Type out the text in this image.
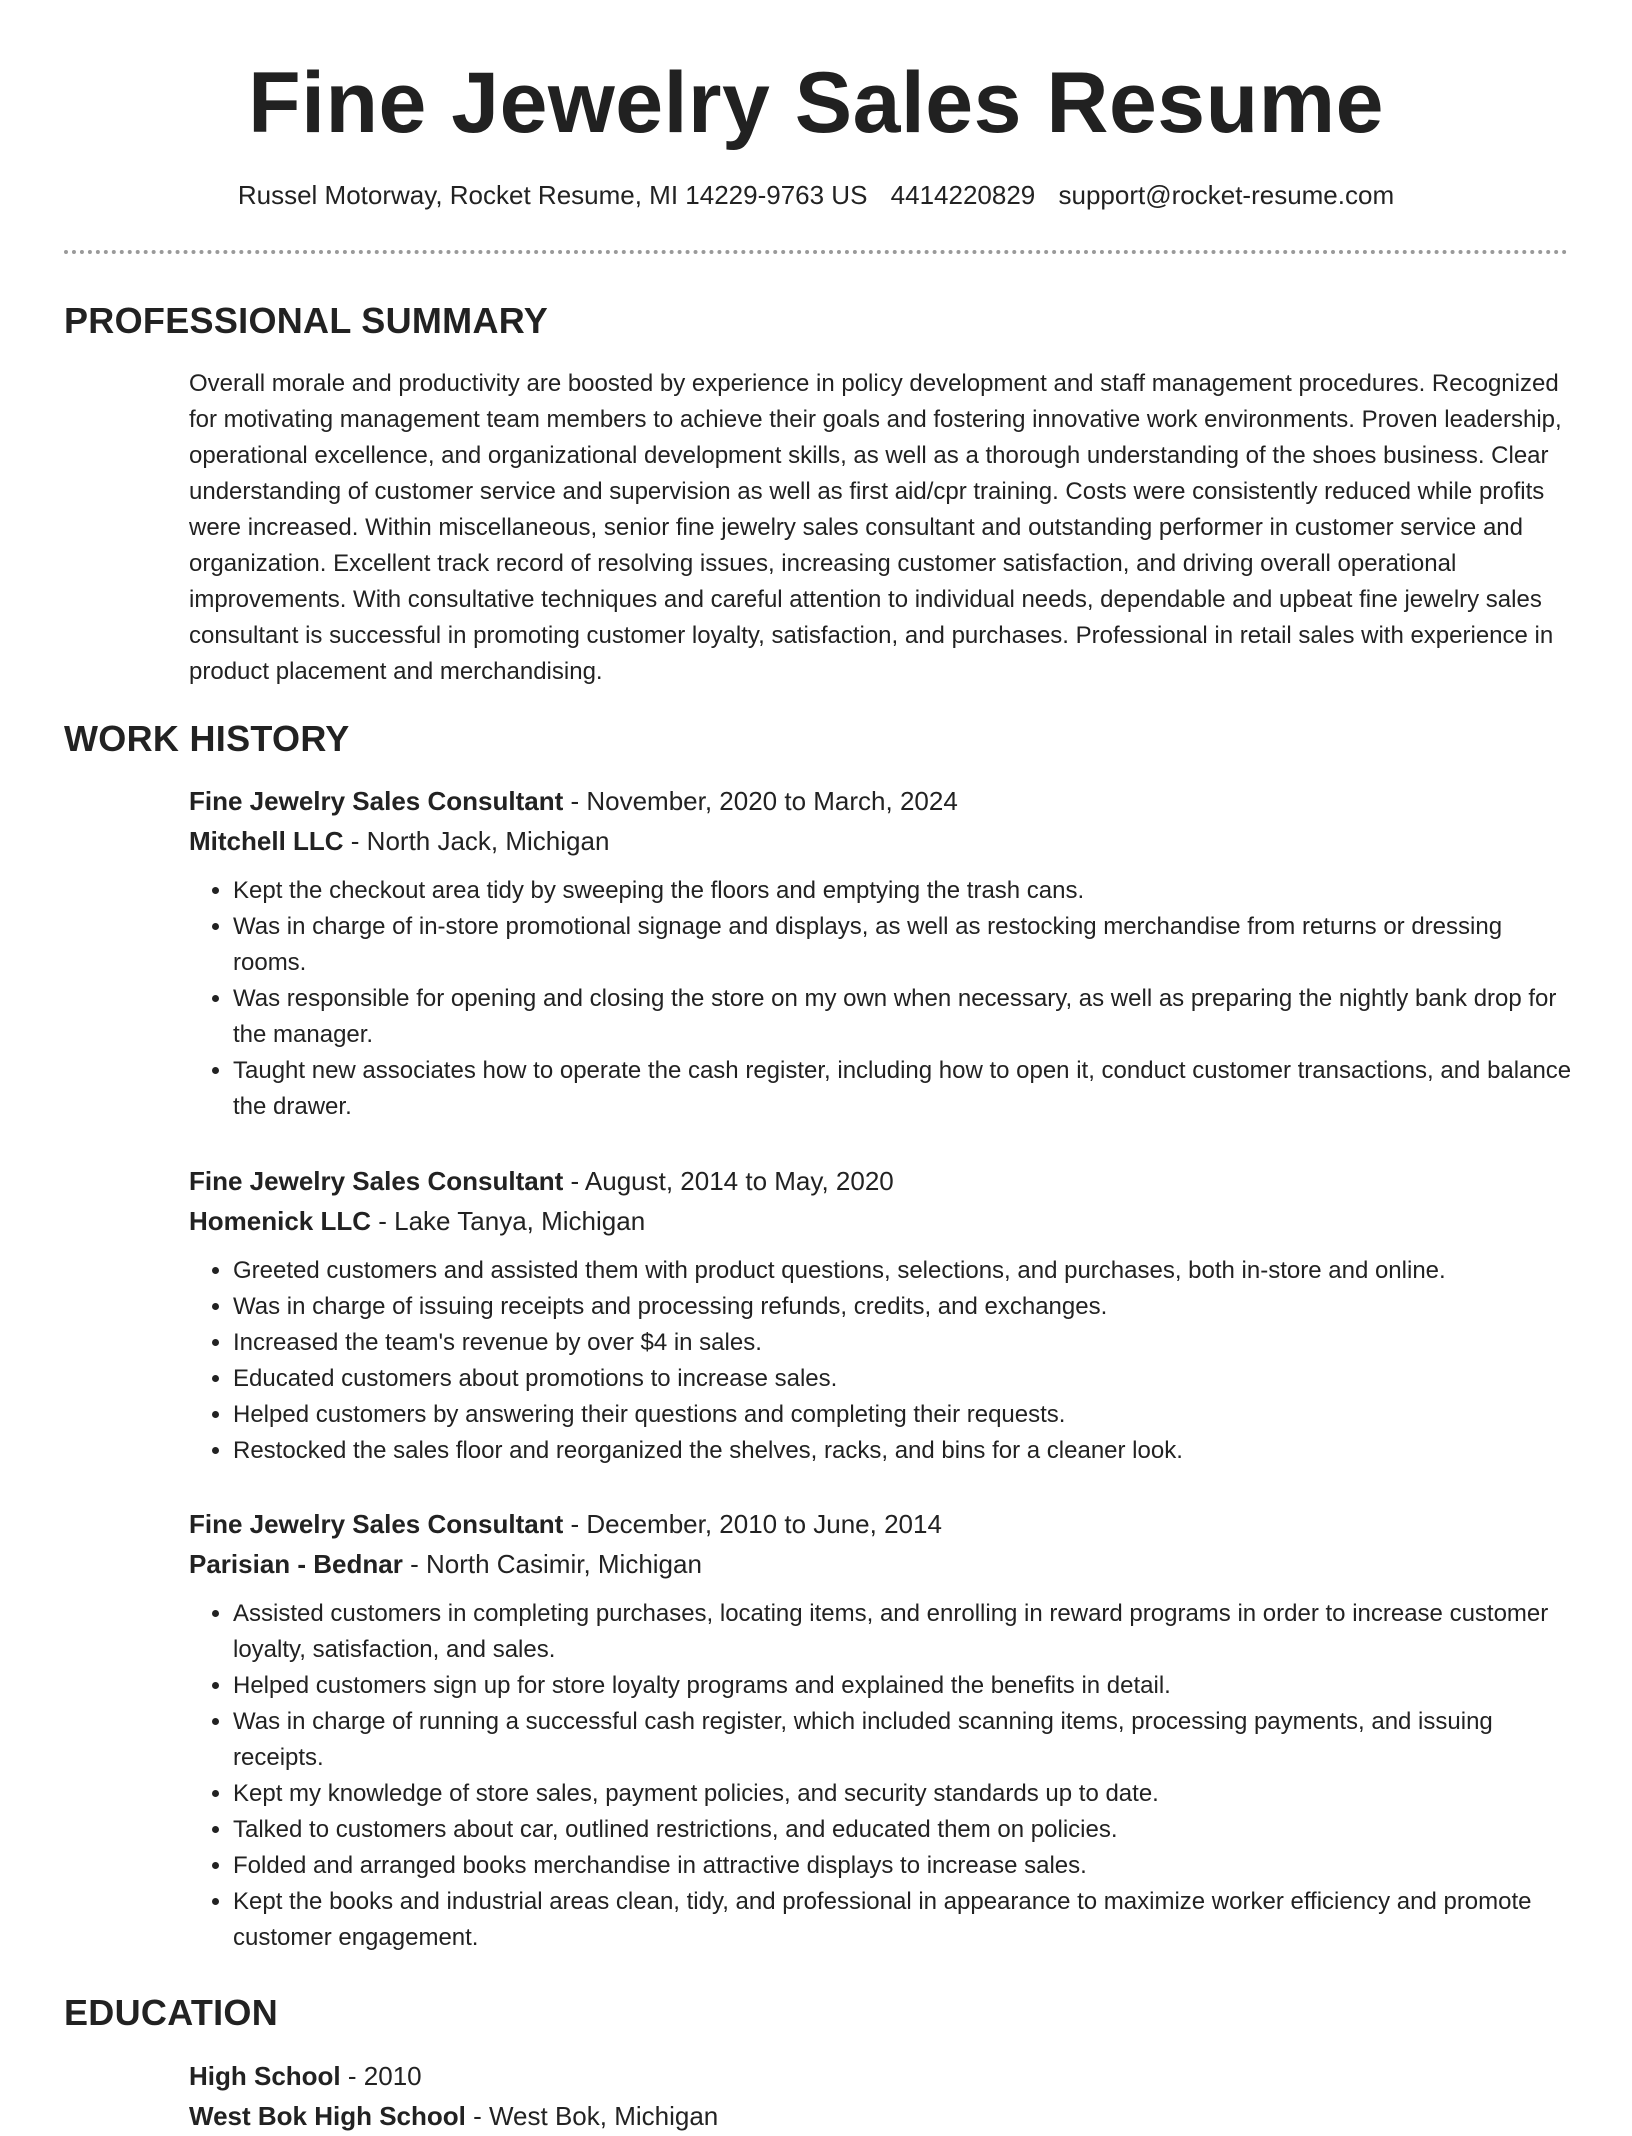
Fine Jewelry Sales Resume
Russel Motorway, Rocket Resume, MI 14229-9763 US 4414220829 support@rocket-resume.com
PROFESSIONAL SUMMARY
Overall morale and productivity are boosted by experience in policy development and staff management procedures. Recognized for motivating management team members to achieve their goals and fostering innovative work environments. Proven leadership, operational excellence, and organizational development skills, as well as a thorough understanding of the shoes business. Clear understanding of customer service and supervision as well as first aid/cpr training. Costs were consistently reduced while profits were increased. Within miscellaneous, senior fine jewelry sales consultant and outstanding performer in customer service and organization. Excellent track record of resolving issues, increasing customer satisfaction, and driving overall operational improvements. With consultative techniques and careful attention to individual needs, dependable and upbeat fine jewelry sales consultant is successful in promoting customer loyalty, satisfaction, and purchases. Professional in retail sales with experience in product placement and merchandising.
WORK HISTORY
Fine Jewelry Sales Consultant - November, 2020 to March, 2024
Mitchell LLC - North Jack, Michigan
• Kept the checkout area tidy by sweeping the floors and emptying the trash cans.
• Was in charge of in-store promotional signage and displays, as well as restocking merchandise from returns or dressing rooms.
• Was responsible for opening and closing the store on my own when necessary, as well as preparing the nightly bank drop for the manager.
• Taught new associates how to operate the cash register, including how to open it, conduct customer transactions, and balance the drawer.
Fine Jewelry Sales Consultant - August, 2014 to May, 2020
Homenick LLC - Lake Tanya, Michigan
• Greeted customers and assisted them with product questions, selections, and purchases, both in-store and online.
• Was in charge of issuing receipts and processing refunds, credits, and exchanges.
• Increased the team's revenue by over $4 in sales.
• Educated customers about promotions to increase sales.
• Helped customers by answering their questions and completing their requests.
• Restocked the sales floor and reorganized the shelves, racks, and bins for a cleaner look.
Fine Jewelry Sales Consultant - December, 2010 to June, 2014
Parisian - Bednar - North Casimir, Michigan
• Assisted customers in completing purchases, locating items, and enrolling in reward programs in order to increase customer loyalty, satisfaction, and sales.
• Helped customers sign up for store loyalty programs and explained the benefits in detail.
• Was in charge of running a successful cash register, which included scanning items, processing payments, and issuing receipts.
• Kept my knowledge of store sales, payment policies, and security standards up to date.
• Talked to customers about car, outlined restrictions, and educated them on policies.
• Folded and arranged books merchandise in attractive displays to increase sales.
• Kept the books and industrial areas clean, tidy, and professional in appearance to maximize worker efficiency and promote customer engagement.
EDUCATION
High School - 2010
West Bok High School - West Bok, Michigan
